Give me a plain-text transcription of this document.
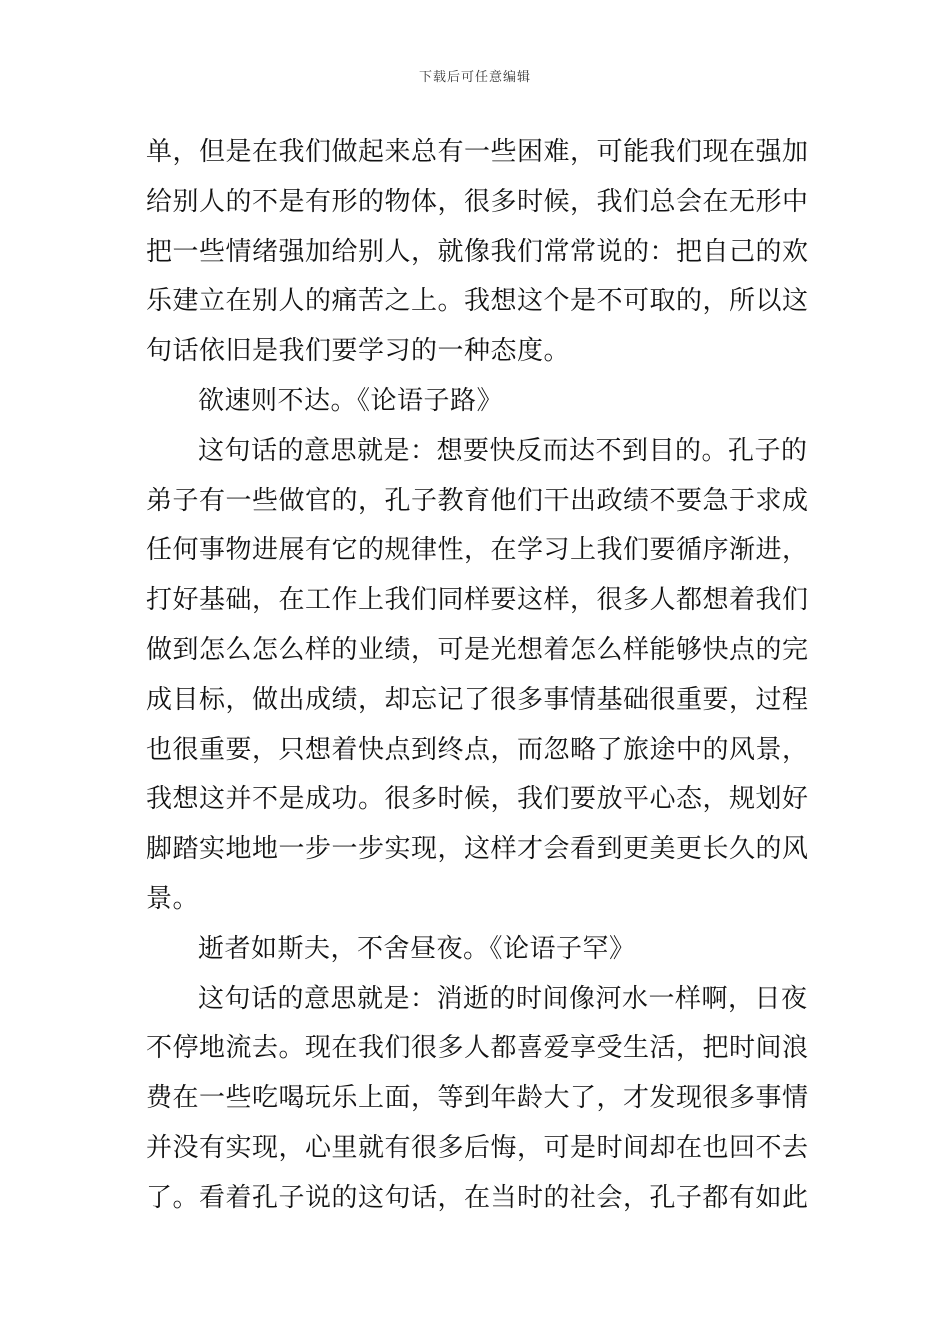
下载后可任意编辑
单，但是在我们做起来总有一些困难，可能我们现在强加
给别人的不是有形的物体，很多时候，我们总会在无形中
把一些情绪强加给别人，就像我们常常说的：把自己的欢
乐建立在别人的痛苦之上。我想这个是不可取的，所以这
句话依旧是我们要学习的一种态度。
欲速则不达。《论语子路》
这句话的意思就是：想要快反而达不到目的。孔子的
弟子有一些做官的，孔子教育他们干出政绩不要急于求成
任何事物进展有它的规律性，在学习上我们要循序渐进，
打好基础，在工作上我们同样要这样，很多人都想着我们
做到怎么怎么样的业绩，可是光想着怎么样能够快点的完
成目标，做出成绩，却忘记了很多事情基础很重要，过程
也很重要，只想着快点到终点，而忽略了旅途中的风景，
我想这并不是成功。很多时候，我们要放平心态，规划好
脚踏实地地一步一步实现，这样才会看到更美更长久的风
景。
逝者如斯夫，不舍昼夜。《论语子罕》
这句话的意思就是：消逝的时间像河水一样啊，日夜
不停地流去。现在我们很多人都喜爱享受生活，把时间浪
费在一些吃喝玩乐上面，等到年龄大了，才发现很多事情
并没有实现，心里就有很多后悔，可是时间却在也回不去
了。看着孔子说的这句话，在当时的社会，孔子都有如此
